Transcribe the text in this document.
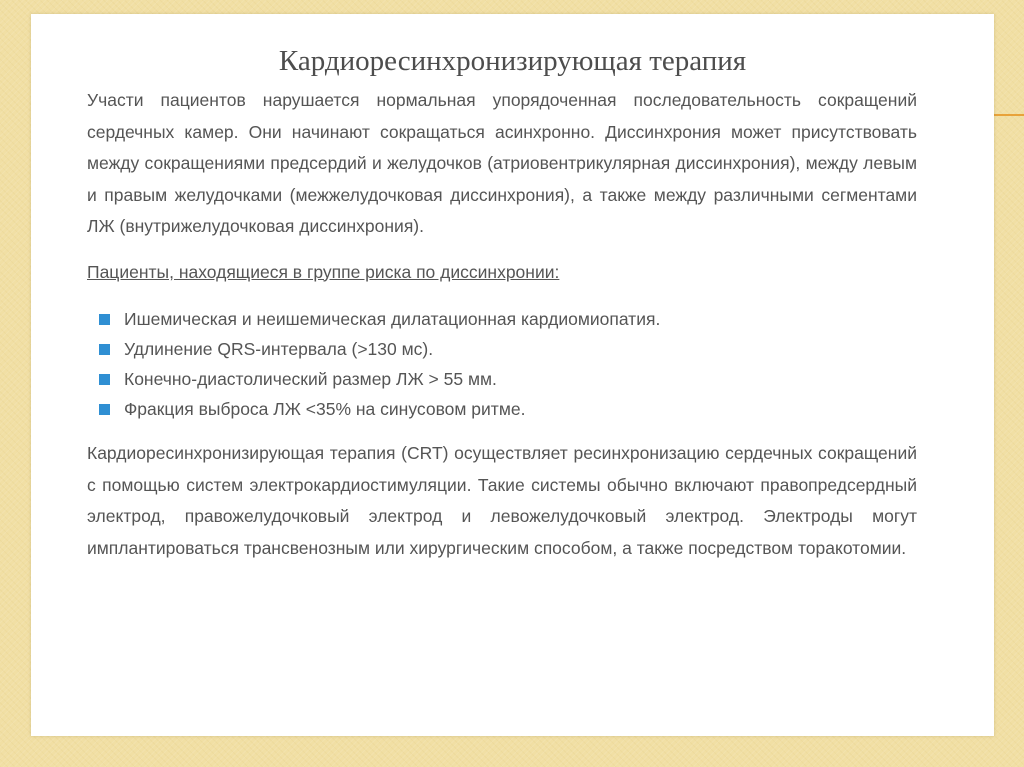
Кардиоресинхронизирующая терапия

Участи пациентов нарушается нормальная упорядоченная последовательность сокращений сердечных камер. Они начинают сокращаться асинхронно. Диссинхрония может присутствовать между сокращениями предсердий и желудочков (атриовентрикулярная диссинхрония), между левым и правым желудочками (межжелудочковая диссинхрония), а также между различными сегментами ЛЖ (внутрижелудочковая диссинхрония).

Пациенты, находящиеся в группе риска по диссинхронии:

Ишемическая и неишемическая дилатационная кардиомиопатия.
Удлинение QRS-интервала (>130 мс).
Конечно-диастолический размер ЛЖ > 55 мм.
Фракция выброса ЛЖ <35% на синусовом ритме.

Кардиоресинхронизирующая терапия (CRT) осуществляет ресинхронизацию сердечных сокращений с помощью систем электрокардиостимуляции. Такие системы обычно включают правопредсердный электрод, правожелудочковый электрод и левожелудочковый электрод. Электроды могут имплантироваться трансвенозным или хирургическим способом, а также посредством торакотомии.
